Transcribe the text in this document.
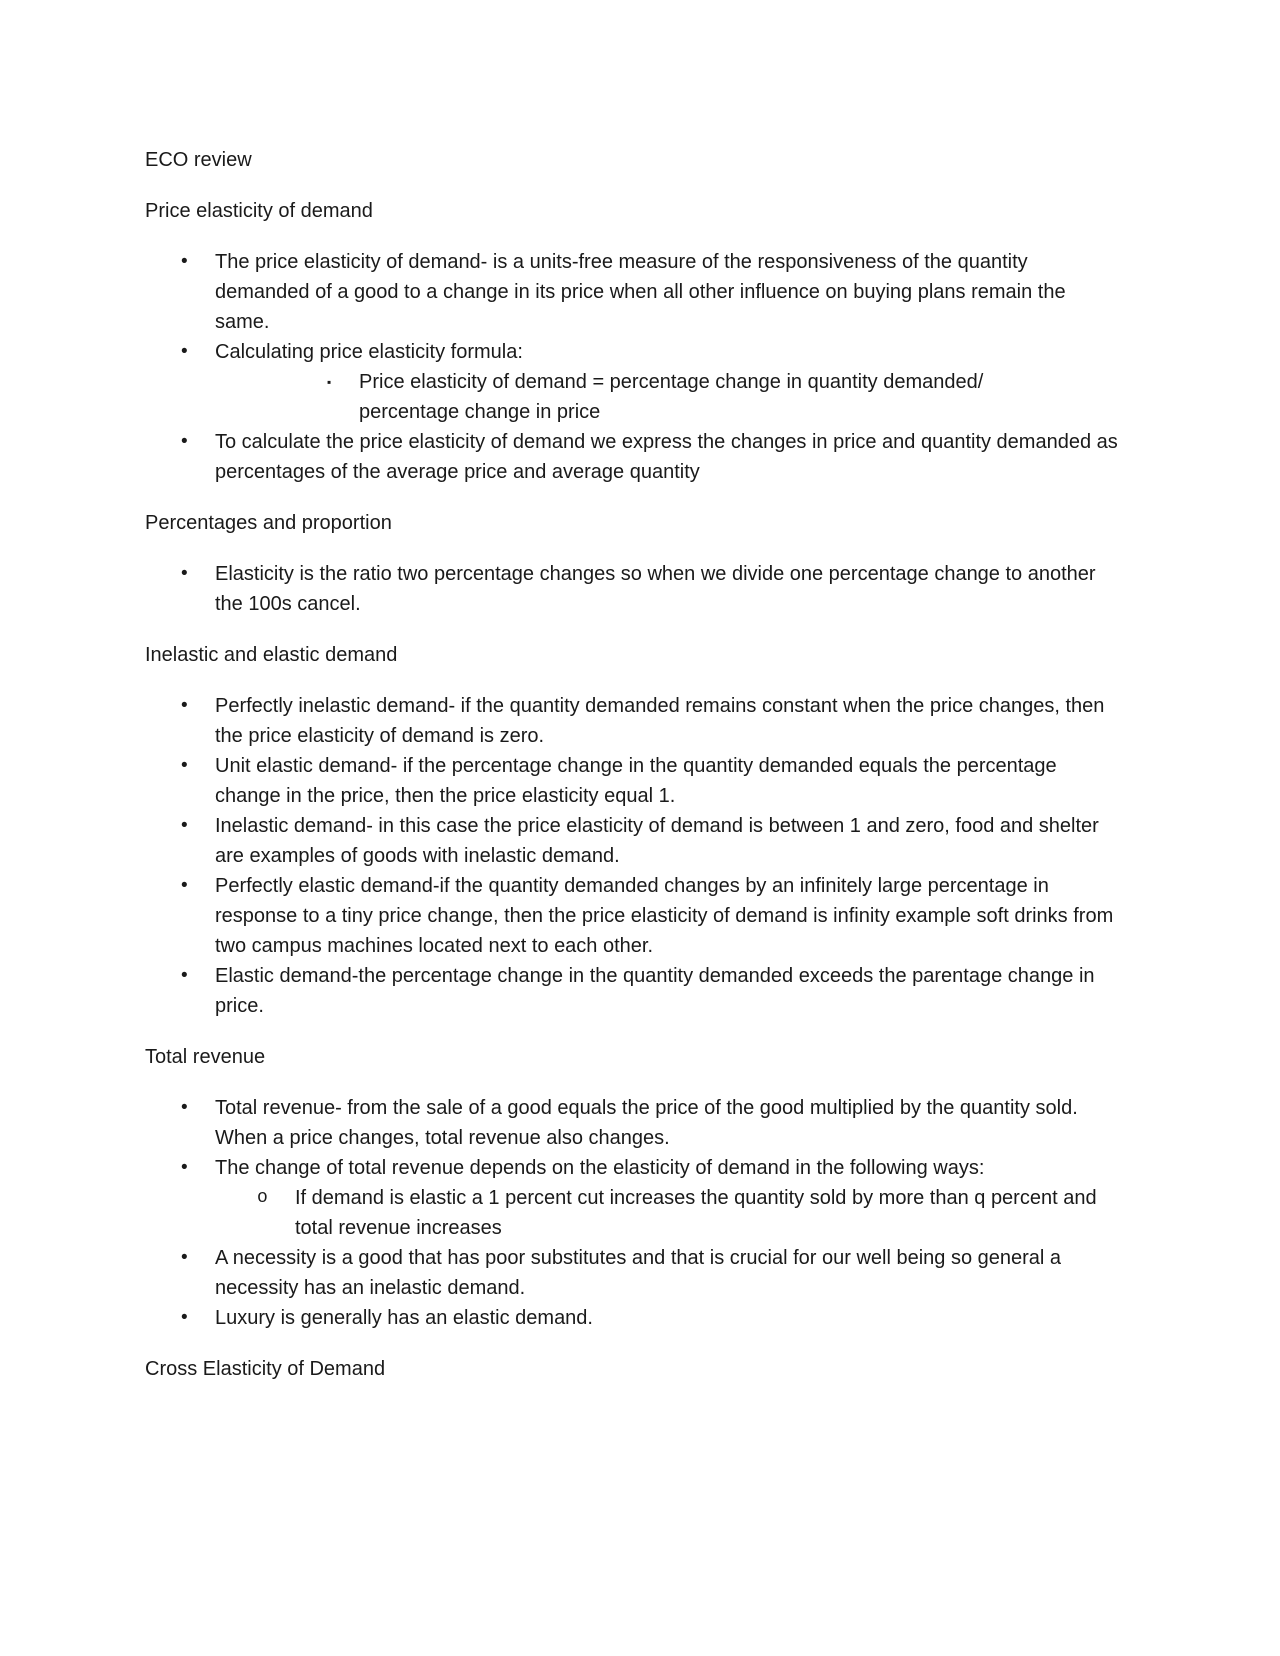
ECO review

Price elasticity of demand

• The price elasticity of demand- is a units-free measure of the responsiveness of the quantity demanded of a good to a change in its price when all other influence on buying plans remain the same.
• Calculating price elasticity formula:
▪ Price elasticity of demand = percentage change in quantity demanded/ percentage change in price
• To calculate the price elasticity of demand we express the changes in price and quantity demanded as percentages of the average price and average quantity

Percentages and proportion

• Elasticity is the ratio two percentage changes so when we divide one percentage change to another the 100s cancel.

Inelastic and elastic demand

• Perfectly inelastic demand- if the quantity demanded remains constant when the price changes, then the price elasticity of demand is zero.
• Unit elastic demand- if the percentage change in the quantity demanded equals the percentage change in the price, then the price elasticity equal 1.
• Inelastic demand- in this case the price elasticity of demand is between 1 and zero, food and shelter are examples of goods with inelastic demand.
• Perfectly elastic demand-if the quantity demanded changes by an infinitely large percentage in response to a tiny price change, then the price elasticity of demand is infinity example soft drinks from two campus machines located next to each other.
• Elastic demand-the percentage change in the quantity demanded exceeds the parentage change in price.

Total revenue

• Total revenue- from the sale of a good equals the price of the good multiplied by the quantity sold. When a price changes, total revenue also changes.
• The change of total revenue depends on the elasticity of demand in the following ways:
o If demand is elastic a 1 percent cut increases the quantity sold by more than q percent and total revenue increases
• A necessity is a good that has poor substitutes and that is crucial for our well being so general a necessity has an inelastic demand.
• Luxury is generally has an elastic demand.

Cross Elasticity of Demand
